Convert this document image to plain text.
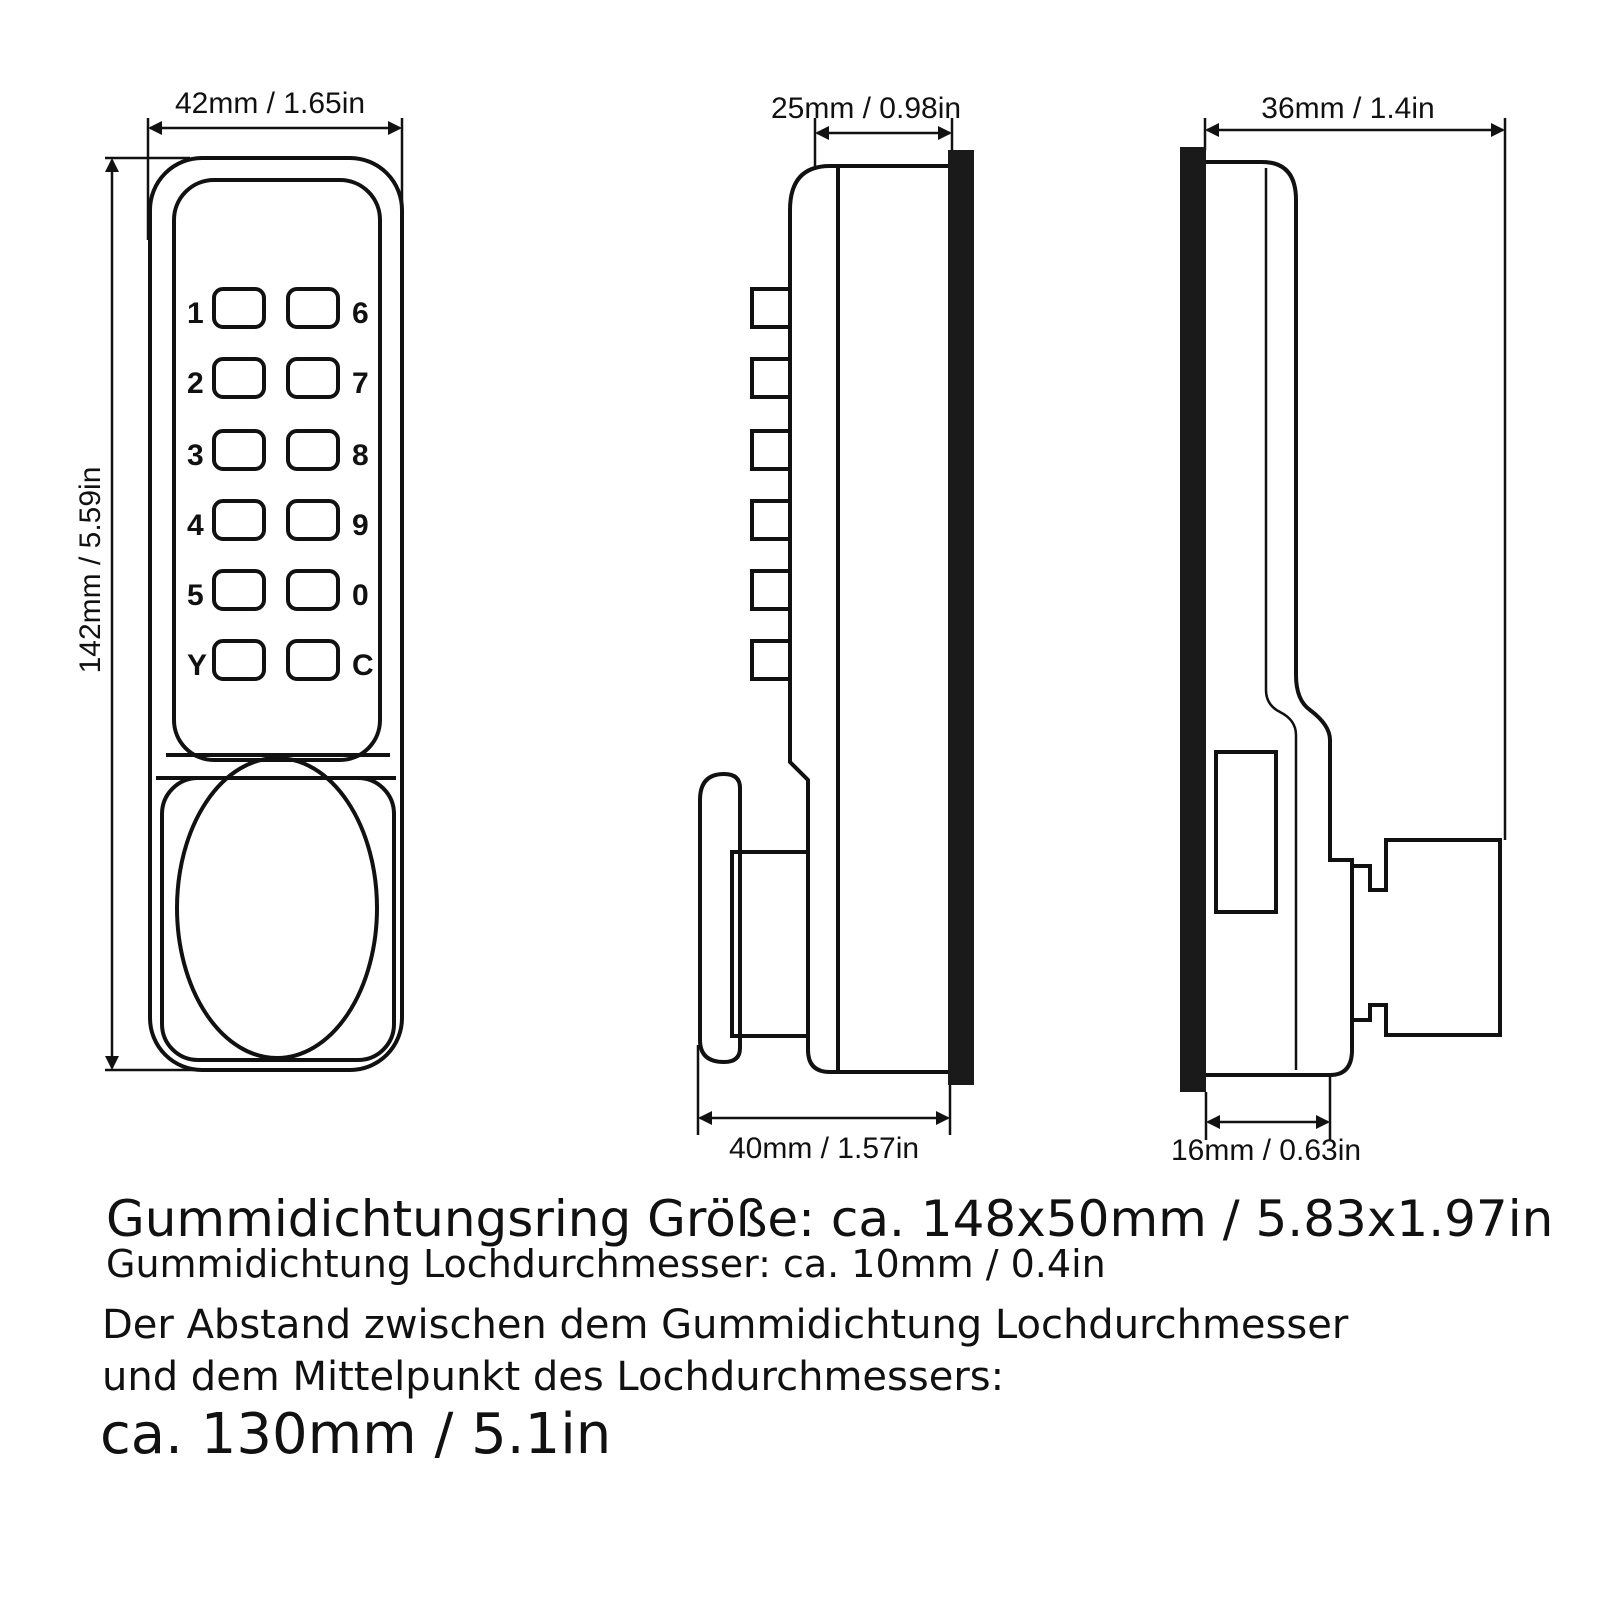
42mm / 1.65in
142mm / 5.59in
1
2
3
4
5
Y
6
7
8
9
0
C
25mm / 0.98in
40mm / 1.57in
36mm / 1.4in
16mm / 0.63in

Gummidichtungsring Größe: ca. 148x50mm / 5.83x1.97in

Gummidichtung Lochdurchmesser: ca. 10mm / 0.4in

Der Abstand zwischen dem Gummidichtung Lochdurchmesser

und dem Mittelpunkt des Lochdurchmessers:

ca. 130mm / 5.1in
